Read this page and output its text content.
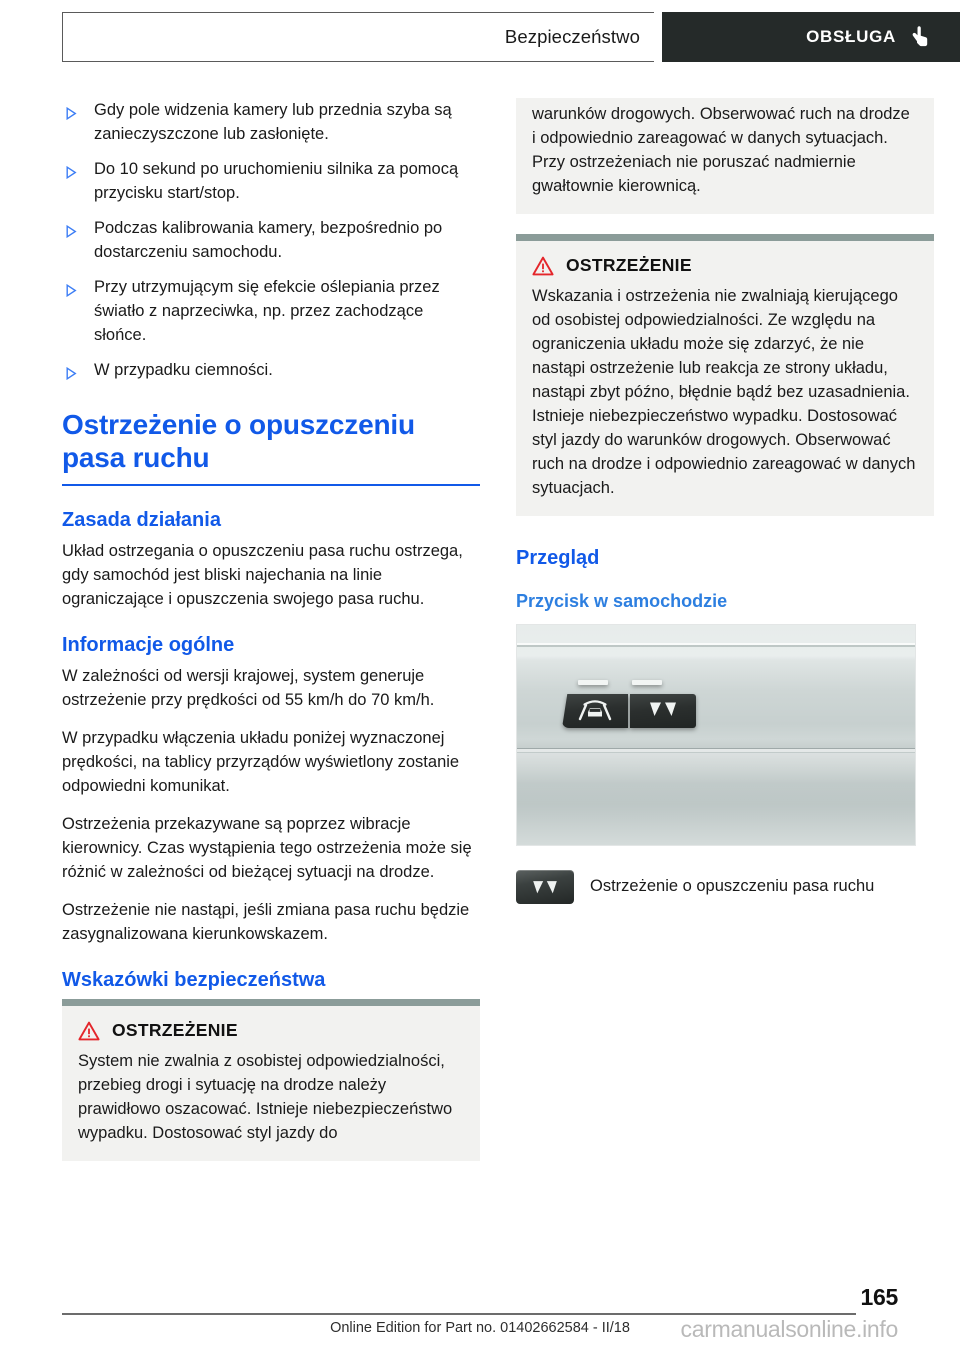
Bezpieczeństwo	OBSŁUGA
Gdy pole widzenia kamery lub przednia szyba są zanieczyszczone lub zasłonięte.
Do 10 sekund po uruchomieniu silnika za pomocą przycisku start/stop.
Podczas kalibrowania kamery, bezpośrednio po dostarczeniu samochodu.
Przy utrzymującym się efekcie oślepiania przez światło z naprzeciwka, np. przez zachodzące słońce.
W przypadku ciemności.
Ostrzeżenie o opuszczeniu pasa ruchu
Zasada działania

Układ ostrzegania o opuszczeniu pasa ruchu ostrzega, gdy samochód jest bliski najechania na linie ograniczające i opuszczenia swojego pasa ruchu.

Informacje ogólne

W zależności od wersji krajowej, system generuje ostrzeżenie przy prędkości od 55 km/h do 70 km/h.

W przypadku włączenia układu poniżej wyznaczonej prędkości, na tablicy przyrządów wyświetlony zostanie odpowiedni komunikat.

Ostrzeżenia przekazywane są poprzez wibracje kierownicy. Czas wystąpienia tego ostrzeżenia może się różnić w zależności od bieżącej sytuacji na drodze.

Ostrzeżenie nie nastąpi, jeśli zmiana pasa ruchu będzie zasygnalizowana kierunkowskazem.

Wskazówki bezpieczeństwa
OSTRZEŻENIE

System nie zwalnia z osobistej odpowiedzialności, przebieg drogi i sytuację na drodze należy prawidłowo oszacować. Istnieje niebezpieczeństwo wypadku. Dostosować styl jazdy do

warunków drogowych. Obserwować ruch na drodze i odpowiednio zareagować w danych sytuacjach. Przy ostrzeżeniach nie poruszać nadmiernie gwałtownie kierownicą.

OSTRZEŻENIE

Wskazania i ostrzeżenia nie zwalniają kierującego od osobistej odpowiedzialności. Ze względu na ograniczenia układu może się zdarzyć, że nie nastąpi ostrzeżenie lub reakcja ze strony układu, nastąpi zbyt późno, błędnie bądź bez uzasadnienia. Istnieje niebezpieczeństwo wypadku. Dostosować styl jazdy do warunków drogowych. Obserwować ruch na drodze i odpowiednio zareagować w danych sytuacjach.

Przegląd
Przycisk w samochodzie
Ostrzeżenie o opuszczeniu pasa ruchu
165
Online Edition for Part no. 01402662584 - II/18	carmanualsonline.info
